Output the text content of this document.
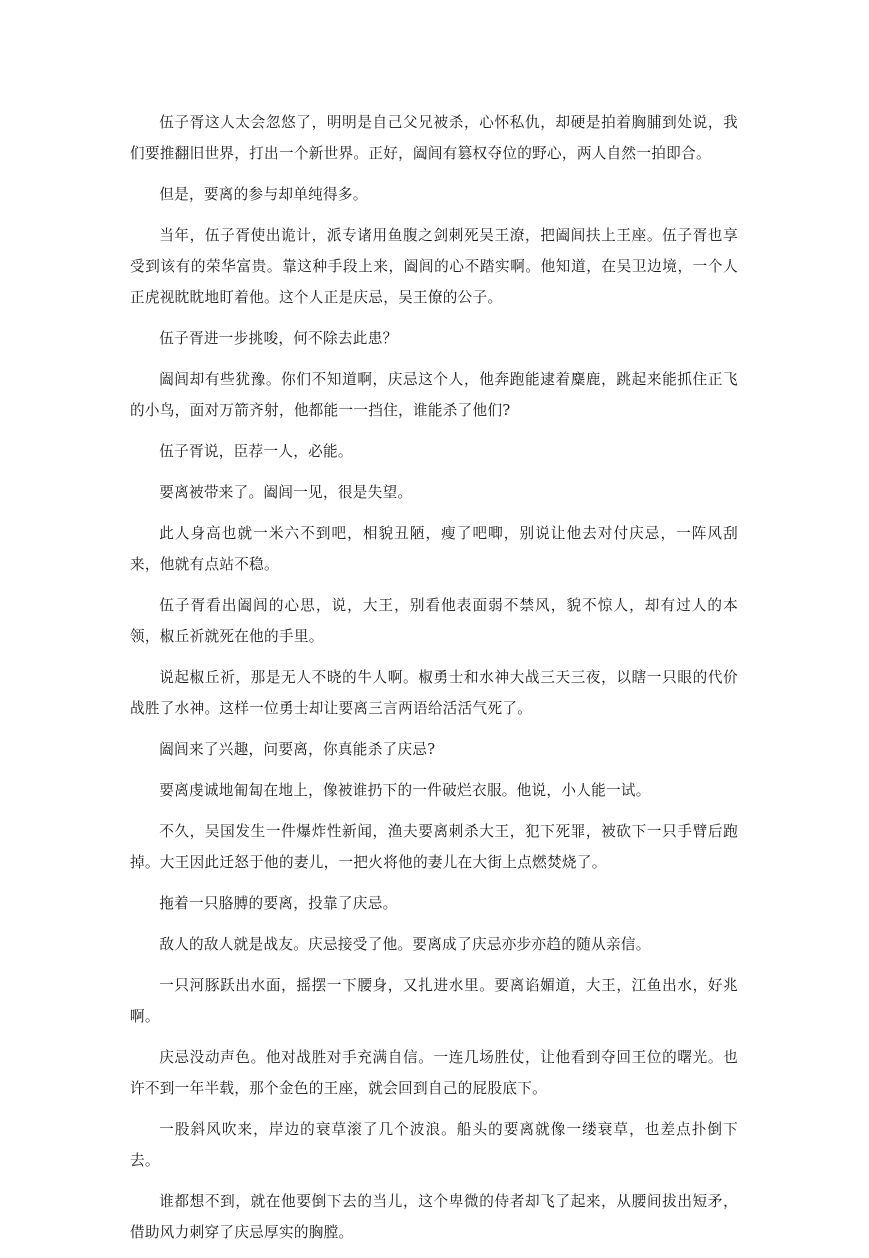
伍子胥这人太会忽悠了，明明是自己父兄被杀，心怀私仇，却硬是拍着胸脯到处说，我们要推翻旧世界，打出一个新世界。正好，阖闾有篡权夺位的野心，两人自然一拍即合。

但是，要离的参与却单纯得多。

当年，伍子胥使出诡计，派专诸用鱼腹之剑刺死吴王潦，把阖闾扶上王座。伍子胥也享受到该有的荣华富贵。靠这种手段上来，阖闾的心不踏实啊。他知道，在吴卫边境，一个人正虎视眈眈地盯着他。这个人正是庆忌，吴王僚的公子。

伍子胥进一步挑唆，何不除去此患？

阖闾却有些犹豫。你们不知道啊，庆忌这个人，他奔跑能逮着麋鹿，跳起来能抓住正飞的小鸟，面对万箭齐射，他都能一一挡住，谁能杀了他们?

伍子胥说，臣荐一人，必能。

要离被带来了。阖闾一见，很是失望。

此人身高也就一米六不到吧，相貌丑陋，瘦了吧唧，别说让他去对付庆忌，一阵风刮来，他就有点站不稳。

伍子胥看出阖闾的心思，说，大王，别看他表面弱不禁风，貌不惊人，却有过人的本领，椒丘祈就死在他的手里。

说起椒丘祈，那是无人不晓的牛人啊。椒勇士和水神大战三天三夜，以瞎一只眼的代价战胜了水神。这样一位勇士却让要离三言两语给活活气死了。

阖闾来了兴趣，问要离，你真能杀了庆忌?

要离虔诚地匍匐在地上，像被谁扔下的一件破烂衣服。他说，小人能一试。

不久，吴国发生一件爆炸性新闻，渔夫要离刺杀大王，犯下死罪，被砍下一只手臂后跑掉。大王因此迁怒于他的妻儿，一把火将他的妻儿在大街上点燃焚烧了。

拖着一只胳膊的要离，投靠了庆忌。

敌人的敌人就是战友。庆忌接受了他。要离成了庆忌亦步亦趋的随从亲信。

一只河豚跃出水面，摇摆一下腰身，又扎进水里。要离谄媚道，大王，江鱼出水，好兆啊。

庆忌没动声色。他对战胜对手充满自信。一连几场胜仗，让他看到夺回王位的曙光。也许不到一年半载，那个金色的王座，就会回到自己的屁股底下。

一股斜风吹来，岸边的衰草滚了几个波浪。船头的要离就像一缕衰草，也差点扑倒下去。

谁都想不到，就在他要倒下去的当儿，这个卑微的侍者却飞了起来，从腰间拔出短矛，借助风力刺穿了庆忌厚实的胸膛。
